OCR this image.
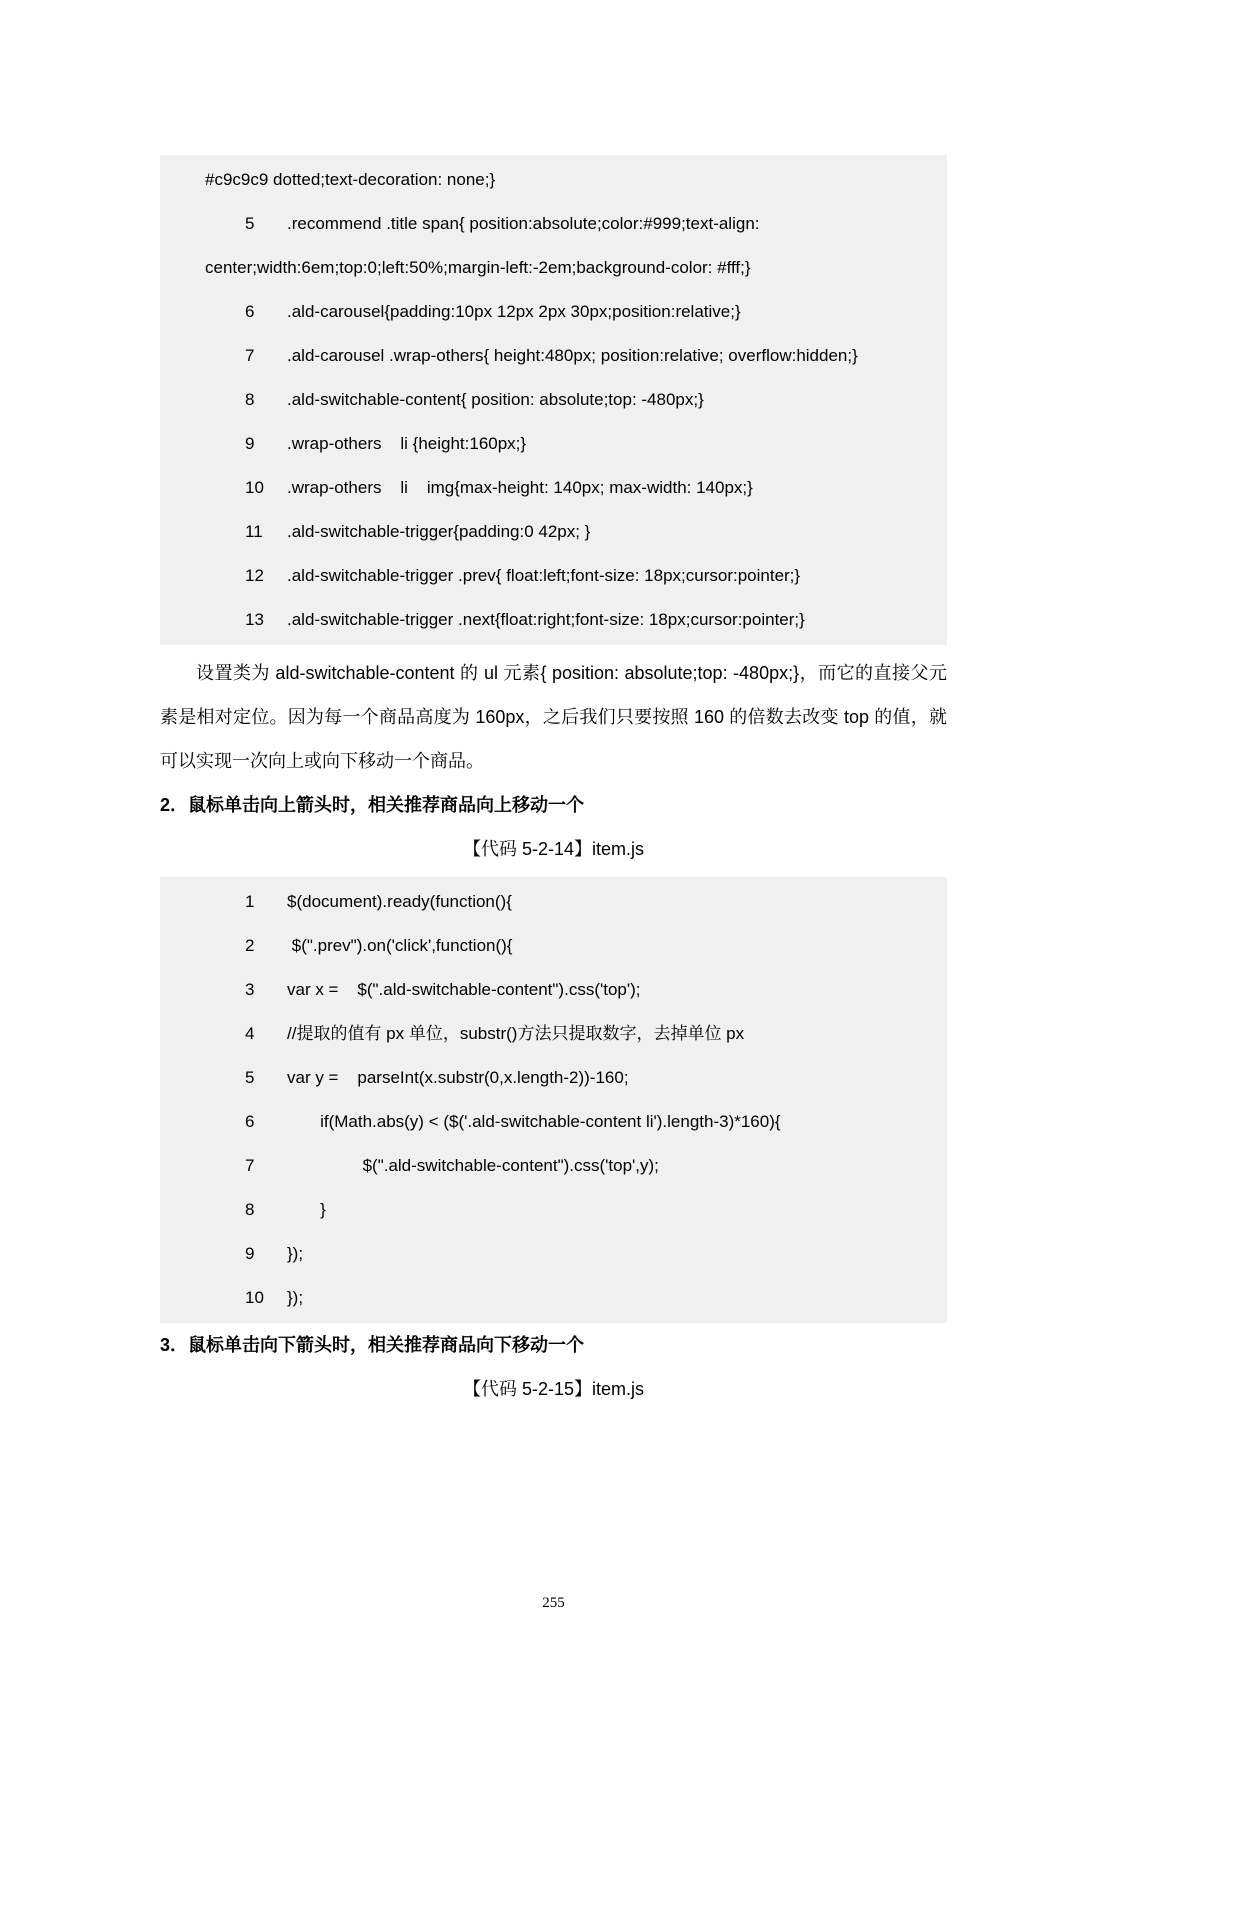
#c9c9c9 dotted;text-decoration: none;}
5	.recommend .title span{ position:absolute;color:#999;text-align:
center;width:6em;top:0;left:50%;margin-left:-2em;background-color: #fff;}
6	.ald-carousel{padding:10px 12px 2px 30px;position:relative;}
7	.ald-carousel .wrap-others{ height:480px; position:relative; overflow:hidden;}
8	.ald-switchable-content{ position: absolute;top: -480px;}
9	.wrap-others    li {height:160px;}
10	.wrap-others    li    img{max-height: 140px; max-width: 140px;}
11	.ald-switchable-trigger{padding:0 42px; }
12	.ald-switchable-trigger .prev{ float:left;font-size: 18px;cursor:pointer;}
13	.ald-switchable-trigger .next{float:right;font-size: 18px;cursor:pointer;}

设置类为 ald-switchable-content 的 ul 元素{ position: absolute;top: -480px;}，而它的直接父元素是相对定位。因为每一个商品高度为 160px，之后我们只要按照 160 的倍数去改变 top 的值，就可以实现一次向上或向下移动一个商品。

2．鼠标单击向上箭头时，相关推荐商品向上移动一个
【代码 5-2-14】item.js
1	$(document).ready(function(){
2	$(".prev").on('click',function(){
3	var x =    $(".ald-switchable-content").css('top');
4	//提取的值有 px 单位，substr()方法只提取数字，去掉单位 px
5	var y =    parseInt(x.substr(0,x.length-2))-160;
6	if(Math.abs(y) < ($('.ald-switchable-content li').length-3)*160){
7	$(".ald-switchable-content").css('top',y);
8	}
9	});
10	});
3．鼠标单击向下箭头时，相关推荐商品向下移动一个
【代码 5-2-15】item.js
255
